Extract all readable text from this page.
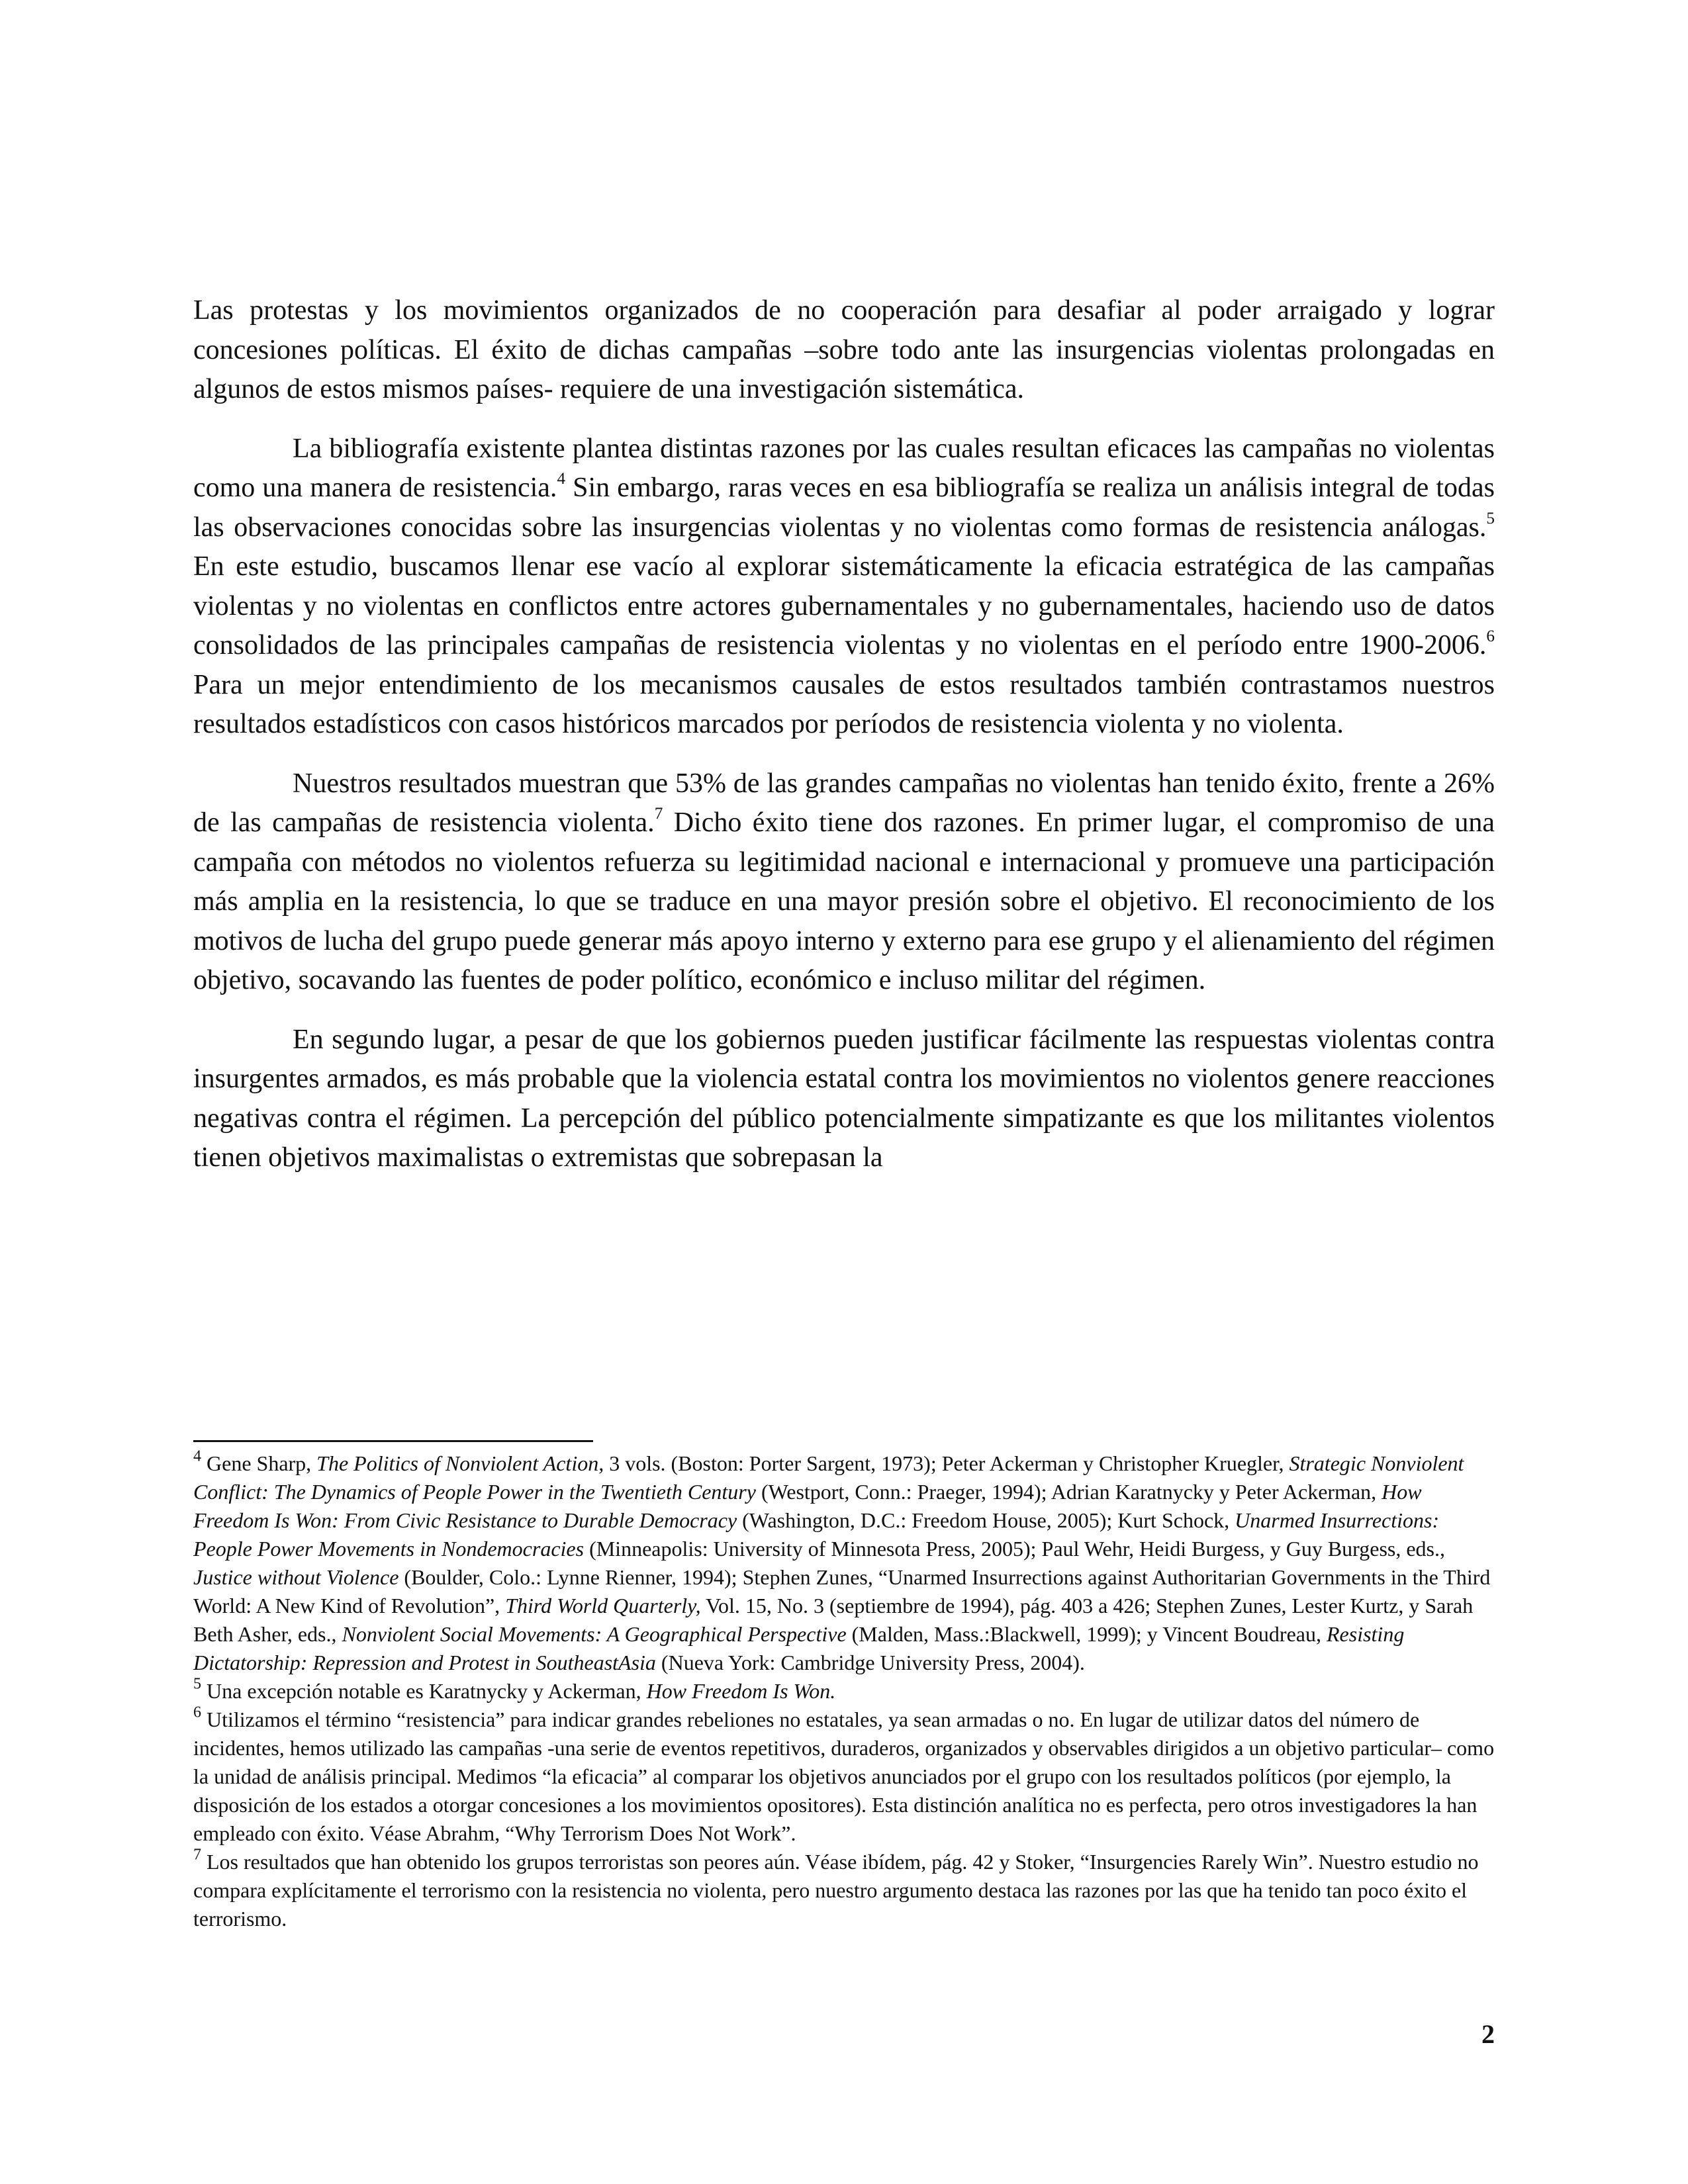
Las protestas y los movimientos organizados de no cooperación para desafiar al poder arraigado y lograr concesiones políticas. El éxito de dichas campañas –sobre todo ante las insurgencias violentas prolongadas en algunos de estos mismos países- requiere de una investigación sistemática.

La bibliografía existente plantea distintas razones por las cuales resultan eficaces las campañas no violentas como una manera de resistencia.$^4$ Sin embargo, raras veces en esa bibliografía se realiza un análisis integral de todas las observaciones conocidas sobre las insurgencias violentas y no violentas como formas de resistencia análogas.$^5$ En este estudio, buscamos llenar ese vacío al explorar sistemáticamente la eficacia estratégica de las campañas violentas y no violentas en conflictos entre actores gubernamentales y no gubernamentales, haciendo uso de datos consolidados de las principales campañas de resistencia violentas y no violentas en el período entre 1900-2006.$^6$ Para un mejor entendimiento de los mecanismos causales de estos resultados también contrastamos nuestros resultados estadísticos con casos históricos marcados por períodos de resistencia violenta y no violenta.

Nuestros resultados muestran que 53% de las grandes campañas no violentas han tenido éxito, frente a 26% de las campañas de resistencia violenta.$^7$ Dicho éxito tiene dos razones. En primer lugar, el compromiso de una campaña con métodos no violentos refuerza su legitimidad nacional e internacional y promueve una participación más amplia en la resistencia, lo que se traduce en una mayor presión sobre el objetivo. El reconocimiento de los motivos de lucha del grupo puede generar más apoyo interno y externo para ese grupo y el alienamiento del régimen objetivo, socavando las fuentes de poder político, económico e incluso militar del régimen.

En segundo lugar, a pesar de que los gobiernos pueden justificar fácilmente las respuestas violentas contra insurgentes armados, es más probable que la violencia estatal contra los movimientos no violentos genere reacciones negativas contra el régimen. La percepción del público potencialmente simpatizante es que los militantes violentos tienen objetivos maximalistas o extremistas que sobrepasan la

$^4$ Gene Sharp, The Politics of Nonviolent Action, 3 vols. (Boston: Porter Sargent, 1973); Peter Ackerman y Christopher Kruegler, Strategic Nonviolent Conflict: The Dynamics of People Power in the Twentieth Century (Westport, Conn.: Praeger, 1994); Adrian Karatnycky y Peter Ackerman, How Freedom Is Won: From Civic Resistance to Durable Democracy (Washington, D.C.: Freedom House, 2005); Kurt Schock, Unarmed Insurrections: People Power Movements in Nondemocracies (Minneapolis: University of Minnesota Press, 2005); Paul Wehr, Heidi Burgess, y Guy Burgess, eds., Justice without Violence (Boulder, Colo.: Lynne Rienner, 1994); Stephen Zunes, “Unarmed Insurrections against Authoritarian Governments in the Third World: A New Kind of Revolution”, Third World Quarterly, Vol. 15, No. 3 (septiembre de 1994), pág. 403 a 426; Stephen Zunes, Lester Kurtz, y Sarah Beth Asher, eds., Nonviolent Social Movements: A Geographical Perspective (Malden, Mass.:Blackwell, 1999); y Vincent Boudreau, Resisting Dictatorship: Repression and Protest in SoutheastAsia (Nueva York: Cambridge University Press, 2004).

$^5$ Una excepción notable es Karatnycky y Ackerman, How Freedom Is Won.

$^6$ Utilizamos el término “resistencia” para indicar grandes rebeliones no estatales, ya sean armadas o no. En lugar de utilizar datos del número de incidentes, hemos utilizado las campañas -una serie de eventos repetitivos, duraderos, organizados y observables dirigidos a un objetivo particular– como la unidad de análisis principal. Medimos “la eficacia” al comparar los objetivos anunciados por el grupo con los resultados políticos (por ejemplo, la disposición de los estados a otorgar concesiones a los movimientos opositores). Esta distinción analítica no es perfecta, pero otros investigadores la han empleado con éxito. Véase Abrahm, “Why Terrorism Does Not Work”.

$^7$ Los resultados que han obtenido los grupos terroristas son peores aún. Véase ibídem, pág. 42 y Stoker, “Insurgencies Rarely Win”. Nuestro estudio no compara explícitamente el terrorismo con la resistencia no violenta, pero nuestro argumento destaca las razones por las que ha tenido tan poco éxito el terrorismo.

2
